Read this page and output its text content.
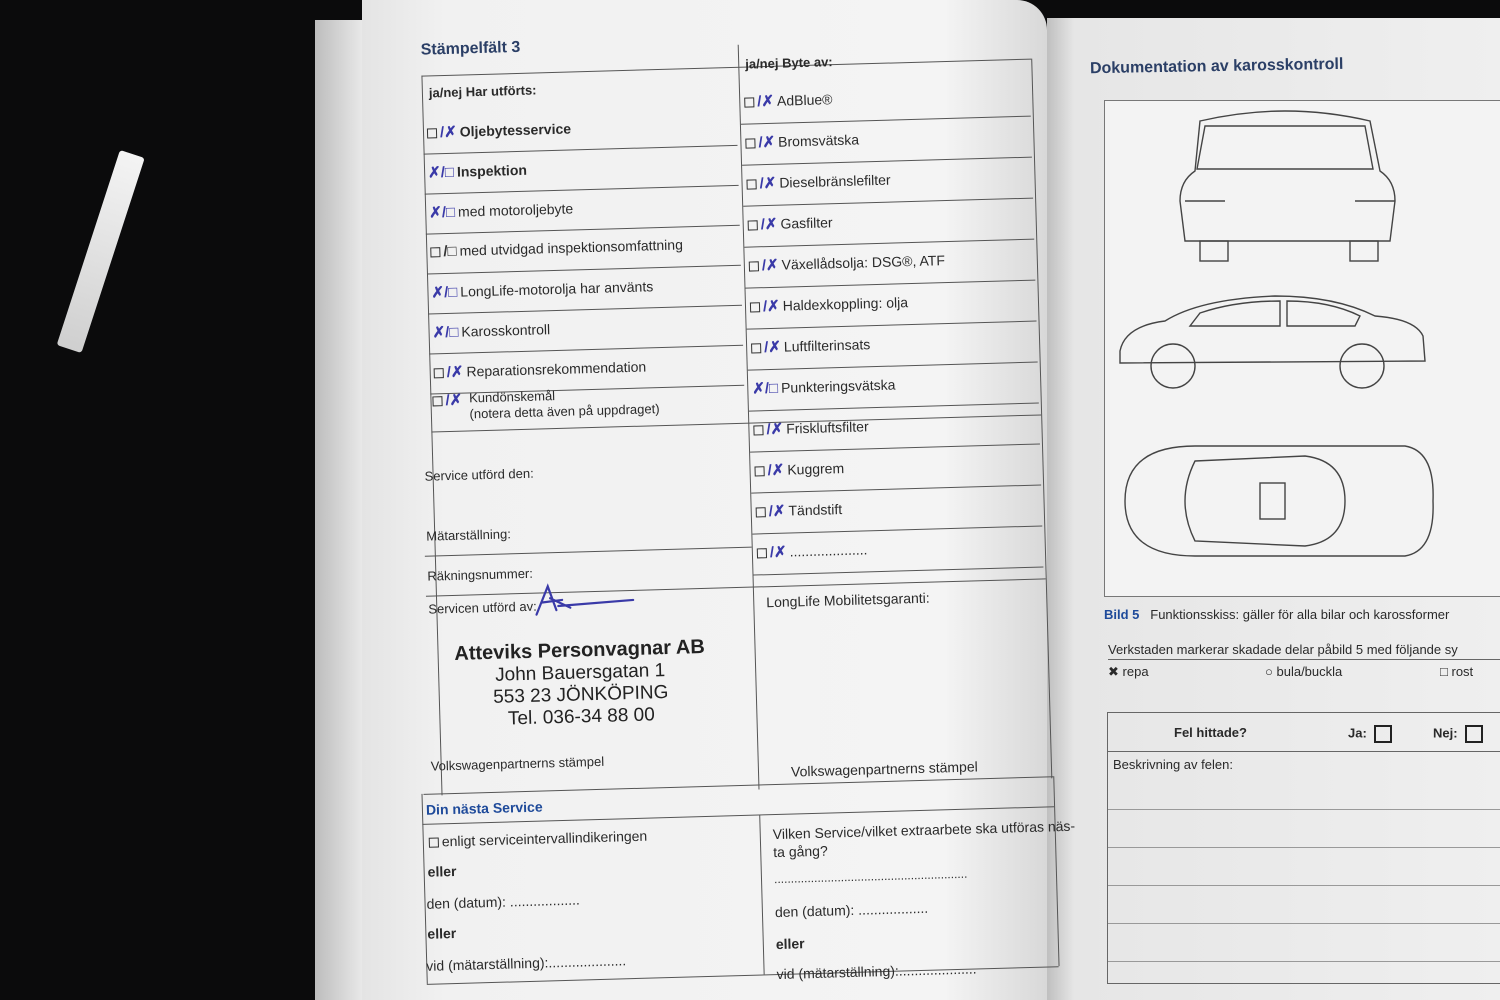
Stämpelfält 3
ja/nej Har utförts:
ja/nej Byte av:
/✗ Oljebytesservice
✗/□ Inspektion
✗/□ med motoroljebyte
/□ med utvidgad inspektionsomfattning
✗/□ LongLife-motorolja har använts
✗/□ Karosskontroll
/✗ Reparationsrekommendation
/✗ AdBlue®
/✗ Bromsvätska
/✗ Dieselbränslefilter
/✗ Gasfilter
/✗ Växellådsolja: DSG®, ATF
/✗ Haldexkoppling: olja
/✗ Luftfilterinsats
✗/□ Punkteringsvätska
/✗ Friskluftsfilter
/✗ Kuggrem
/✗ Tändstift
/✗ ....................
/✗ Kundönskemål
(notera detta även på uppdraget)
Service utförd den:
Mätarställning:
Räkningsnummer:
Servicen utförd av:	LongLife Mobilitetsgaranti:
Atteviks Personvagnar AB
John Bauersgatan 1
553 23 JÖNKÖPING
Tel. 036-34 88 00
Volkswagenpartnerns stämpel	Volkswagenpartnerns stämpel
Din nästa Service
enligt serviceintervallindikeringen
eller
den (datum): ..................
eller
vid (mätarställning):....................
Vilken Service/vilket extraarbete ska utföras näs-
ta gång?
..........................................................
den (datum): ..................
eller
vid (mätarställning):....................
Dokumentation av karosskontroll
Bild 5 Funktionsskiss: gäller för alla bilar och karossformer
Verkstaden markerar skadade delar påbild 5 med följande sy
✖ repa	○ bula/buckla	□ rost
Fel hittade?	Ja:	Nej:
Beskrivning av felen:
